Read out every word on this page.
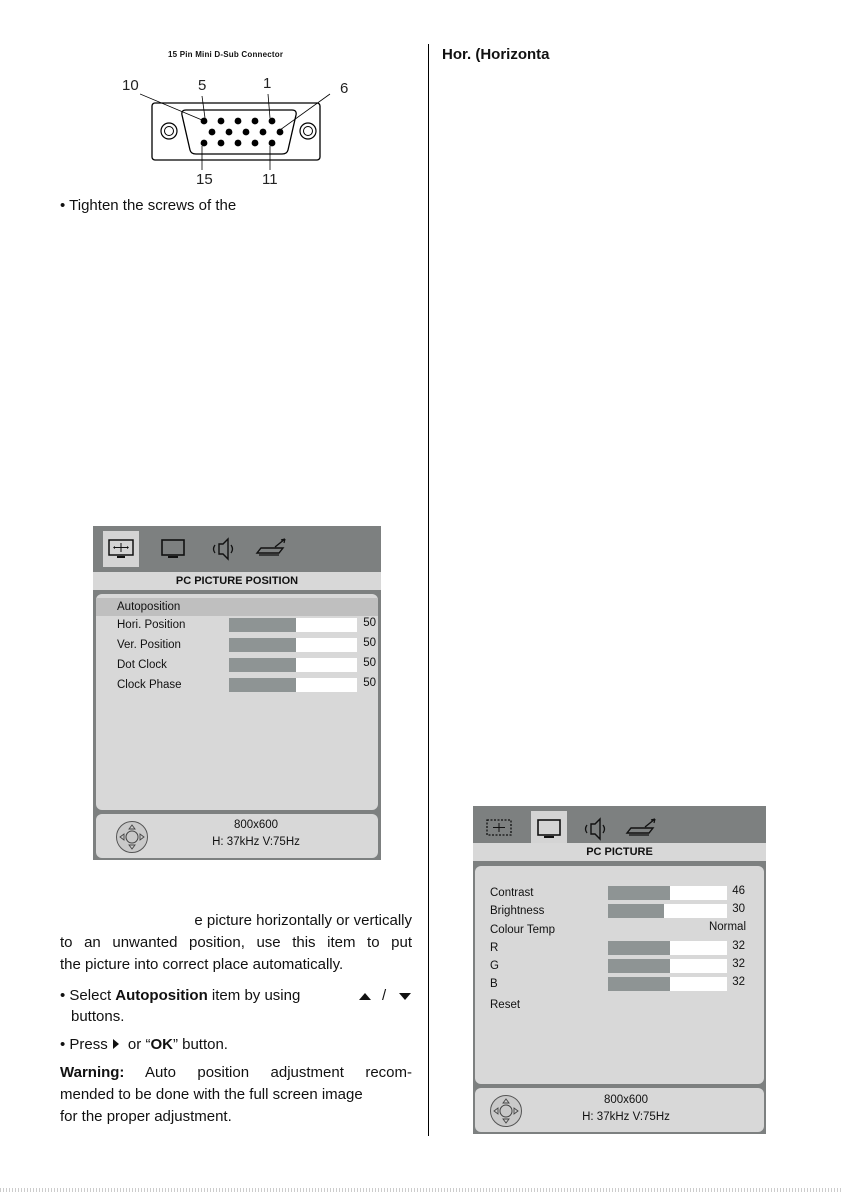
15 Pin Mini D-Sub Connector
10	5	1	6
15	11
• Tighten the screws of the
Hor. (Horizonta
PC PICTURE POSITION
Autoposition
Hori. Position	50
Ver. Position	50
Dot Clock	50
Clock Phase	50
800x600
H: 37kHz V:75Hz
e picture horizontally or vertically
to an unwanted position, use this item to put
the picture into correct place automatically.
• Select Autoposition item by using	/
buttons.
• Press or “OK” button.
Warning: Auto position adjustment recom-
mended to be done with the full screen image
for the proper adjustment.
PC PICTURE
Contrast	46
Brightness	30
Colour Temp	Normal
R	32
G	32
B	32
Reset
800x600
H: 37kHz V:75Hz
